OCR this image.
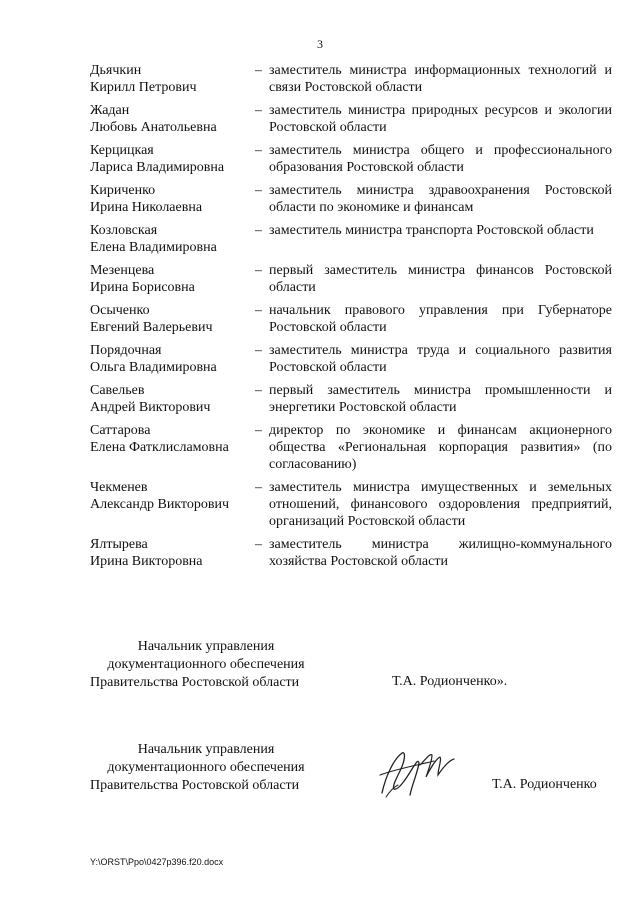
3
Дьячкин
Кирилл Петрович
– заместитель министра информационных технологий и связи Ростовской области
Жадан
Любовь Анатольевна
– заместитель министра природных ресурсов и экологии Ростовской области
Керцицкая
Лариса Владимировна
– заместитель министра общего и профессионального образования Ростовской области
Кириченко
Ирина Николаевна
– заместитель министра здравоохранения Ростовской области по экономике и финансам
Козловская
Елена Владимировна
– заместитель министра транспорта Ростовской области
Мезенцева
Ирина Борисовна
– первый заместитель министра финансов Ростовской области
Осыченко
Евгений Валерьевич
– начальник правового управления при Губернаторе Ростовской области
Порядочная
Ольга Владимировна
– заместитель министра труда и социального развития Ростовской области
Савельев
Андрей Викторович
– первый заместитель министра промышленности и энергетики Ростовской области
Саттарова
Елена Фатклисламовна
– директор по экономике и финансам акционерного общества «Региональная корпорация развития» (по согласованию)
Чекменев
Александр Викторович
– заместитель министра имущественных и земельных отношений, финансового оздоровления предприятий, организаций Ростовской области
Ялтырева
Ирина Викторовна
– заместитель министра жилищно-коммунального хозяйства Ростовской области
Начальник управления
документационного обеспечения
Правительства Ростовской области	Т.А. Родионченко».
Начальник управления
документационного обеспечения
Правительства Ростовской области	Т.А. Родионченко
Y:\ORST\Ppo\0427p396.f20.docx
